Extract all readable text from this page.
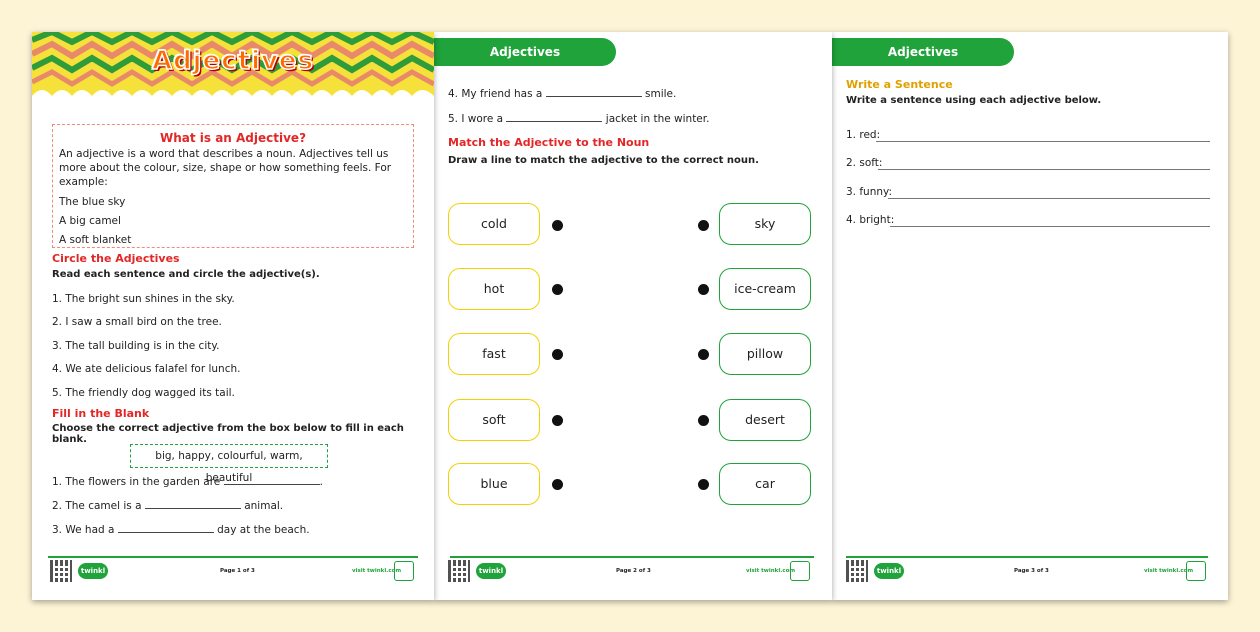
Adjectives
What is an Adjective?
An adjective is a word that describes a noun. Adjectives tell us more about the colour, size, shape or how something feels. For example:
The blue sky
A big camel
A soft blanket
Circle the Adjectives
Read each sentence and circle the adjective(s).
1. The bright sun shines in the sky.
2. I saw a small bird on the tree.
3. The tall building is in the city.
4. We ate delicious falafel for lunch.
5. The friendly dog wagged its tail.
Fill in the Blank
Choose the correct adjective from the box below to fill in each blank.
big, happy, colourful, warm, beautiful
1. The flowers in the garden are	.
2. The camel is a	animal.
3. We had a	day at the beach.
twinkl	Page 1 of 3	visit twinkl.com
Adjectives
4. My friend has a	smile.
5. I wore a	jacket in the winter.
Match the Adjective to the Noun
Draw a line to match the adjective to the correct noun.
cold
hot
fast
soft
blue
sky
ice-cream
pillow
desert
car
twinkl	Page 2 of 3	visit twinkl.com
Adjectives
Write a Sentence
Write a sentence using each adjective below.
1. red:
2. soft:
3. funny:
4. bright:
twinkl	Page 3 of 3	visit twinkl.com
